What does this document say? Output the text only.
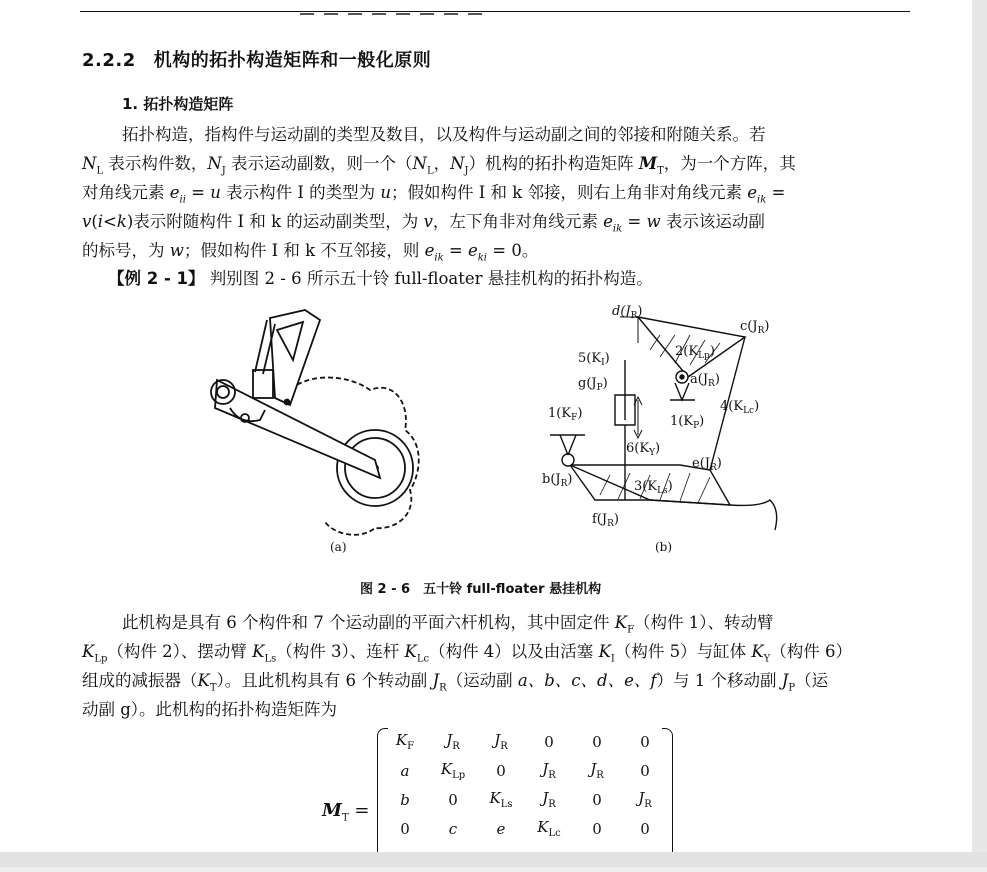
2.2.2 机构的拓扑构造矩阵和一般化原则
1. 拓扑构造矩阵
拓扑构造，指构件与运动副的类型及数目，以及构件与运动副之间的邻接和附随关系。若
$N_L$ 表示构件数，$N_J$ 表示运动副数，则一个（$N_L$，$N_J$）机构的拓扑构造矩阵 $M_T$，为一个方阵，其
对角线元素 $e_{ii} = u$ 表示构件 I 的类型为 u；假如构件 I 和 k 邻接，则右上角非对角线元素 $e_{ik}$ =
v(i<k)表示附随构件 I 和 k 的运动副类型，为 v，左下角非对角线元素 $e_{ik} = w$ 表示该运动副
的标号，为 w；假如构件 I 和 k 不互邻接，则 $e_{ik} = e_{ki} = 0$。
【例 2 - 1】 判别图 2 - 6 所示五十铃 full-floater 悬挂机构的拓扑构造。
(a)
$d(J_R)$
$c(J_R)$
$2(K_{Lp})$
$5(K_I)$
$g(J_P)$	$a(J_R)$
$4(K_{Lc})$
$1(K_F)$
$1(K_P)$
$6(K_Y)$
$e(J_R)$
$b(J_R)$	$3(K_{Ls})$
$f(J_R)$
(b)
图 2 - 6　五十铃 full-floater 悬挂机构
此机构是具有 6 个构件和 7 个运动副的平面六杆机构，其中固定件 $K_F$（构件 1）、转动臂
$K_{Lp}$（构件 2）、摆动臂 $K_{Ls}$（构件 3）、连杆 $K_{Lc}$（构件 4）以及由活塞 $K_I$（构件 5）与缸体 $K_Y$（构件 6）
组成的减振器$(K_T)$。且此机构具有 6 个转动副 $J_R$（运动副 a、b、c、d、e、f）与 1 个移动副 $J_P$（运
动副 g）。此机构的拓扑构造矩阵为
$M_T$ =
$K_F$	$J_R$	$J_R$	0	0	0
a	$K_{Lp}$	0	$J_R$	$J_R$	0
b	0	$K_{Ls}$	$J_R$	0	$J_R$
0	c	e	$K_{Lc}$	0	0
